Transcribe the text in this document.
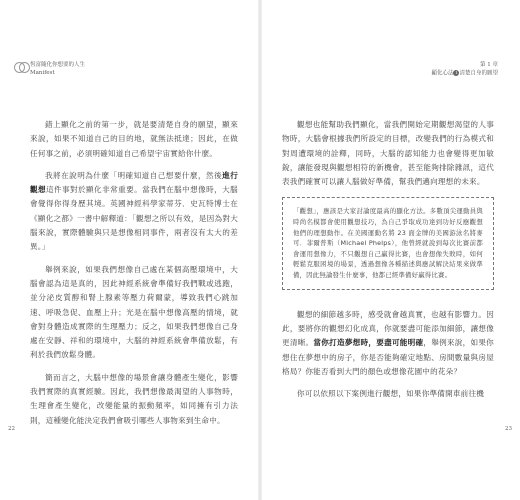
恆富隨化你想要的人生
Manifest

錯上顯化之前的第一步，就是要清楚自身的願望，顯來來說，如果不知道自己的目的地，就無法抵達；因此，在做任何事之前，必須明確知道自己希望宇宙實給你什麼。

我將在說明為什麼「明確知道自己想要什麼，然後進行觀想這件事對於顯化非常重要。當我們在腦中想像時，大腦會覺得你得身歷其境。英國神經科學家蒂芬．史瓦特博士在《顯化之都》一書中解釋道：「觀想之所以有效，是因為對大腦來說，實際體驗與只是想像相同事件，兩者沒有太大的差異。」

舉例來說，如果我們想像自己處在某個高壓環境中，大腦會認為這是真的，因此神經系統會準備好我們戰或逃跑，並分泌皮質醇和腎上腺素等壓力荷爾蒙，導致我們心跳加速、呼吸急促、血壓上升；光是在腦中想像高壓的情境，就會對身體造成實際的生理壓力；反之，如果我們想像自己身處在安靜、祥和的環境中，大腦的神經系統會準備放鬆，有利於我們放鬆身體。

簡而言之，大腦中想像的場景會讓身體產生變化，影響我們實際的真實經驗。因此，我們想像最渴望的人事物時，生理會產生變化，改變能量的振動頻率，如同擁有引力法則，這種變化能決定我們會吸引哪些人事物來到生命中。

22
第 1 章
顯化心法 1 清楚自身的願望

觀想也能幫助我們顯化，當我們開始定期觀想渴望的人事物時，大腦會根據我們所設定的目標，改變我們的行為模式和對周遭環境的詮釋，同時，大腦的認知能力也會變得更加敏銳，讓能發現與觀想相符的新機會，甚至能夠排除雜訊，這代表我們確實可以讓人腦做好準備，幫我們邁向理想的未來。

「觀想」，應該是大家討論度最高的顯化方法。多數頂尖運動員與時尚名模都會使用觀想技巧，為自己爭取成功達到功好反應觀想他們的理想動作。在美國運動名將 23 面金牌的美國游泳名將麥可．菲爾普斯（Michael Phelps），他曾經就說到每次比賽前都會運用想像力，不只觀想自己贏得比賽，也會想像失敗時，如何輕鬆克服困境的場景，透過想像各種描述與應試解決結果來做準備，因此無論發生什麼事，他都已經準備好贏得比賽。

觀想的細節越多時，感受就會越真實，也越有影響力。因此，要將你的觀想幻化成真，你就要盡可能添加細節，讓想像更清晰。當你打造夢想時，要盡可能明確，舉例來說，如果你想住在夢想中的房子，你是否能夠確定地點、房間數量與房屋格局？你能否看到大門的顏色或想像花園中的花朵？

你可以依照以下案例進行觀想，如果你準備開車前往機

23
